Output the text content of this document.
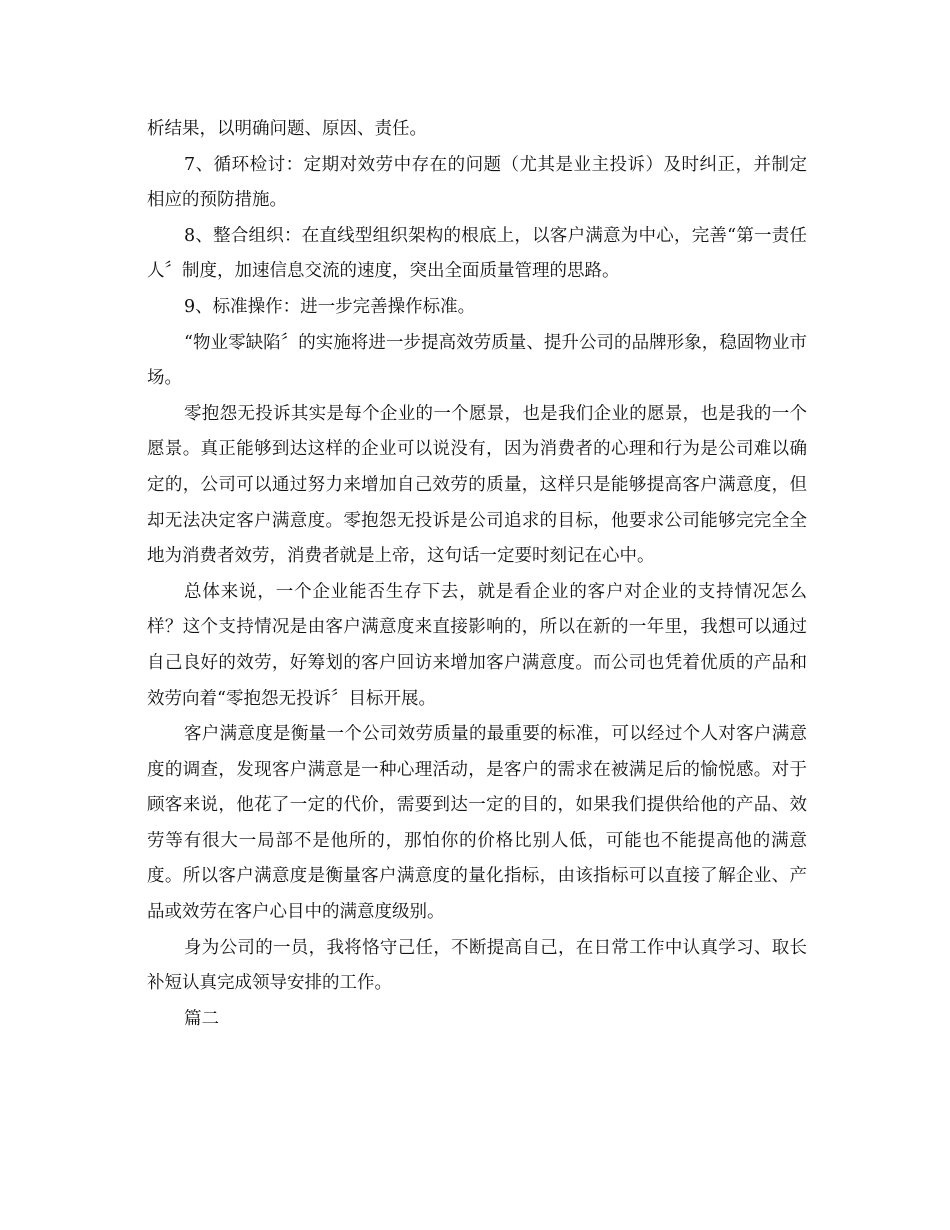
析结果，以明确问题、原因、责任。

7、循环检讨：定期对效劳中存在的问题（尤其是业主投诉）及时纠正，并制定相应的预防措施。

8、整合组织：在直线型组织架构的根底上，以客户满意为中心，完善“第一责任人〞制度，加速信息交流的速度，突出全面质量管理的思路。

9、标准操作：进一步完善操作标准。

“物业零缺陷〞的实施将进一步提高效劳质量、提升公司的品牌形象，稳固物业市场。

零抱怨无投诉其实是每个企业的一个愿景，也是我们企业的愿景，也是我的一个愿景。真正能够到达这样的企业可以说没有，因为消费者的心理和行为是公司难以确定的，公司可以通过努力来增加自己效劳的质量，这样只是能够提高客户满意度，但却无法决定客户满意度。零抱怨无投诉是公司追求的目标，他要求公司能够完完全全地为消费者效劳，消费者就是上帝，这句话一定要时刻记在心中。

总体来说，一个企业能否生存下去，就是看企业的客户对企业的支持情况怎么样？这个支持情况是由客户满意度来直接影响的，所以在新的一年里，我想可以通过自己良好的效劳，好筹划的客户回访来增加客户满意度。而公司也凭着优质的产品和效劳向着“零抱怨无投诉〞目标开展。

客户满意度是衡量一个公司效劳质量的最重要的标准，可以经过个人对客户满意度的调查，发现客户满意是一种心理活动，是客户的需求在被满足后的愉悦感。对于顾客来说，他花了一定的代价，需要到达一定的目的，如果我们提供给他的产品、效劳等有很大一局部不是他所的，那怕你的价格比别人低，可能也不能提高他的满意度。所以客户满意度是衡量客户满意度的量化指标，由该指标可以直接了解企业、产品或效劳在客户心目中的满意度级别。

身为公司的一员，我将恪守己任，不断提高自己，在日常工作中认真学习、取长补短认真完成领导安排的工作。

篇二
